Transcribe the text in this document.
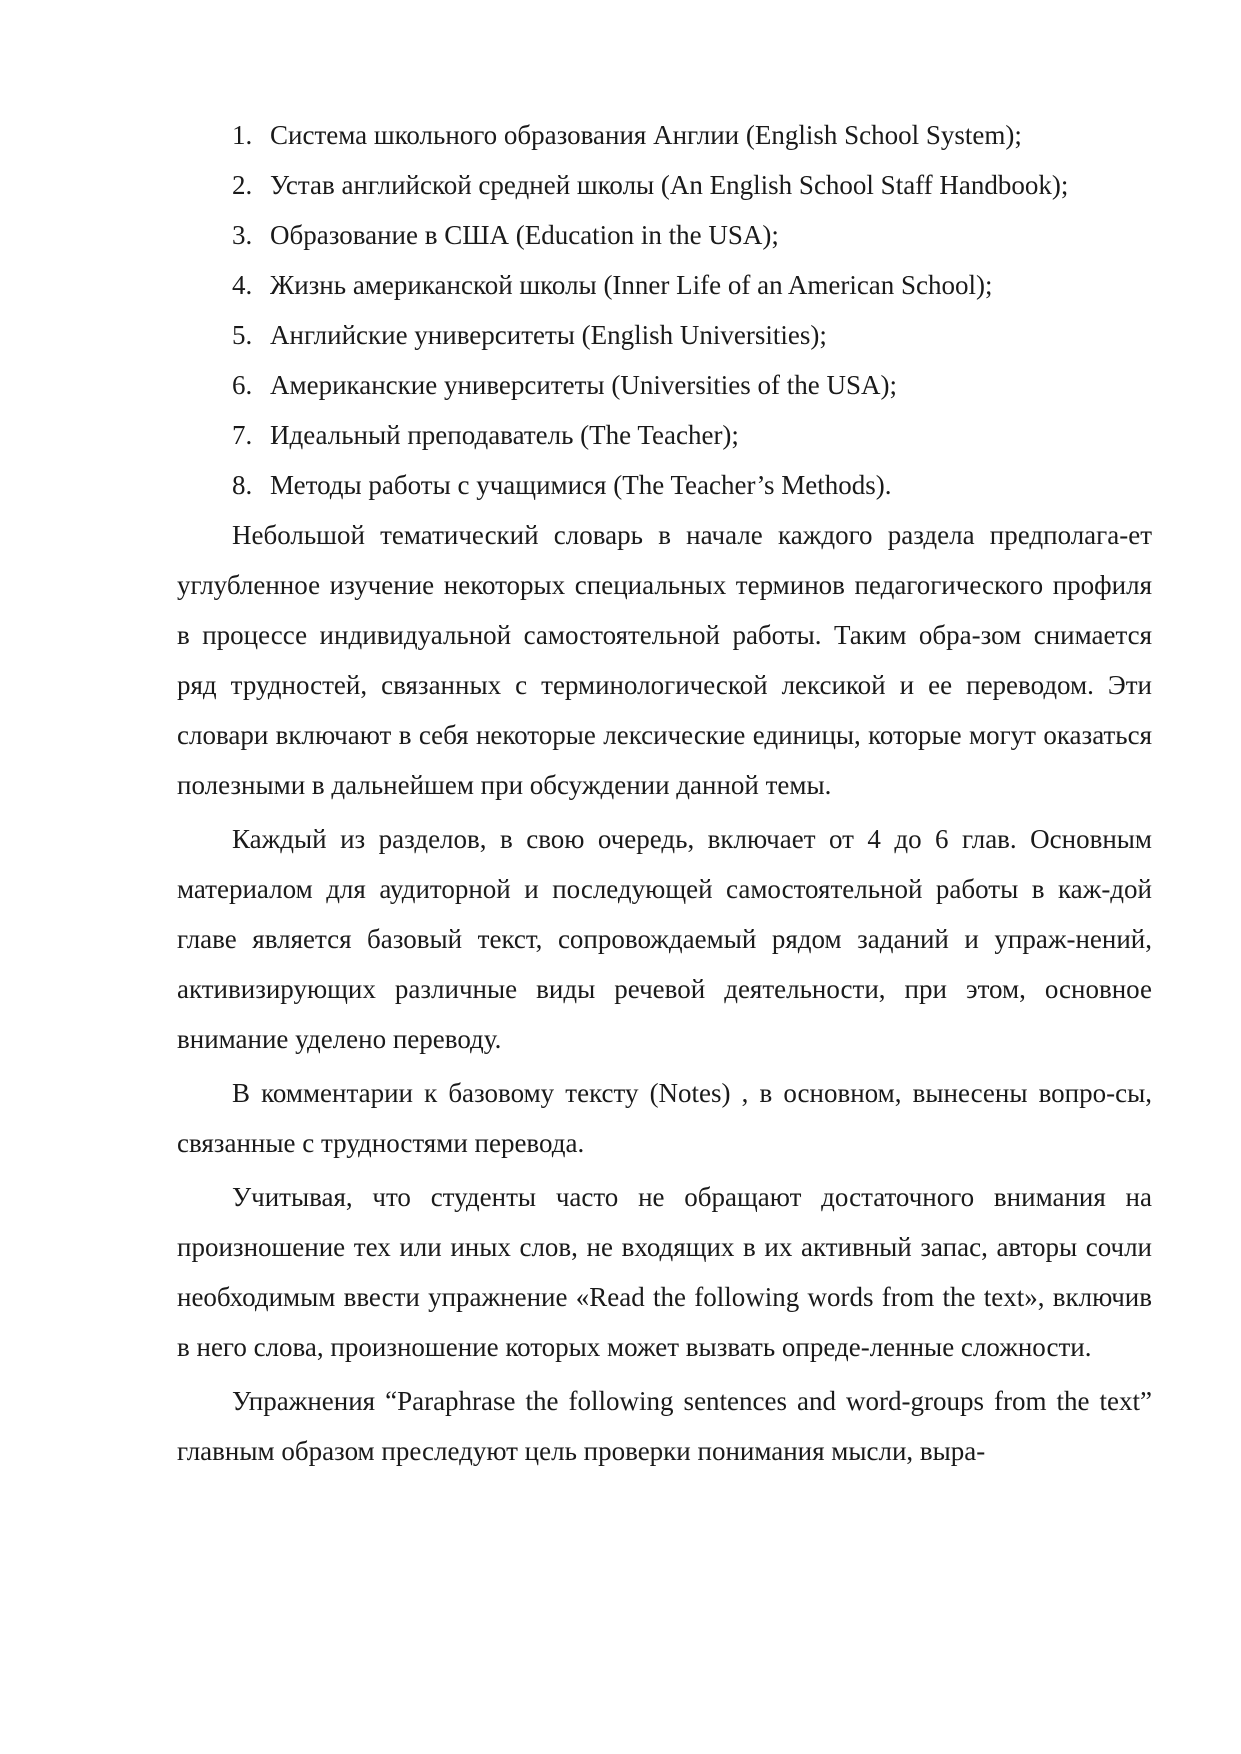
1. Система школьного образования Англии (English School System);
2. Устав английской средней школы (An English School Staff Handbook);
3. Образование в США (Education in the USA);
4. Жизнь американской школы (Inner Life of an American School);
5. Английские университеты (English Universities);
6. Американские университеты (Universities of the USA);
7. Идеальный преподаватель (The Teacher);
8. Методы работы с учащимися (The Teacher’s Methods).

Небольшой тематический словарь в начале каждого раздела предполага-ет углубленное изучение некоторых специальных терминов педагогического профиля в процессе индивидуальной самостоятельной работы. Таким обра-зом снимается ряд трудностей, связанных с терминологической лексикой и ее переводом. Эти словари включают в себя некоторые лексические единицы, которые могут оказаться полезными в дальнейшем при обсуждении данной темы.

Каждый из разделов, в свою очередь, включает от 4 до 6 глав. Основным материалом для аудиторной и последующей самостоятельной работы в каж-дой главе является базовый текст, сопровождаемый рядом заданий и упраж-нений, активизирующих различные виды речевой деятельности, при этом, основное внимание уделено переводу.

В комментарии к базовому тексту (Notes) , в основном, вынесены вопро-сы, связанные с трудностями перевода.

Учитывая, что студенты часто не обращают достаточного внимания на произношение тех или иных слов, не входящих в их активный запас, авторы сочли необходимым ввести упражнение «Read the following words from the text», включив в него слова, произношение которых может вызвать опреде-ленные сложности.

Упражнения “Paraphrase the following sentences and word-groups from the text” главным образом преследуют цель проверки понимания мысли, выра-
